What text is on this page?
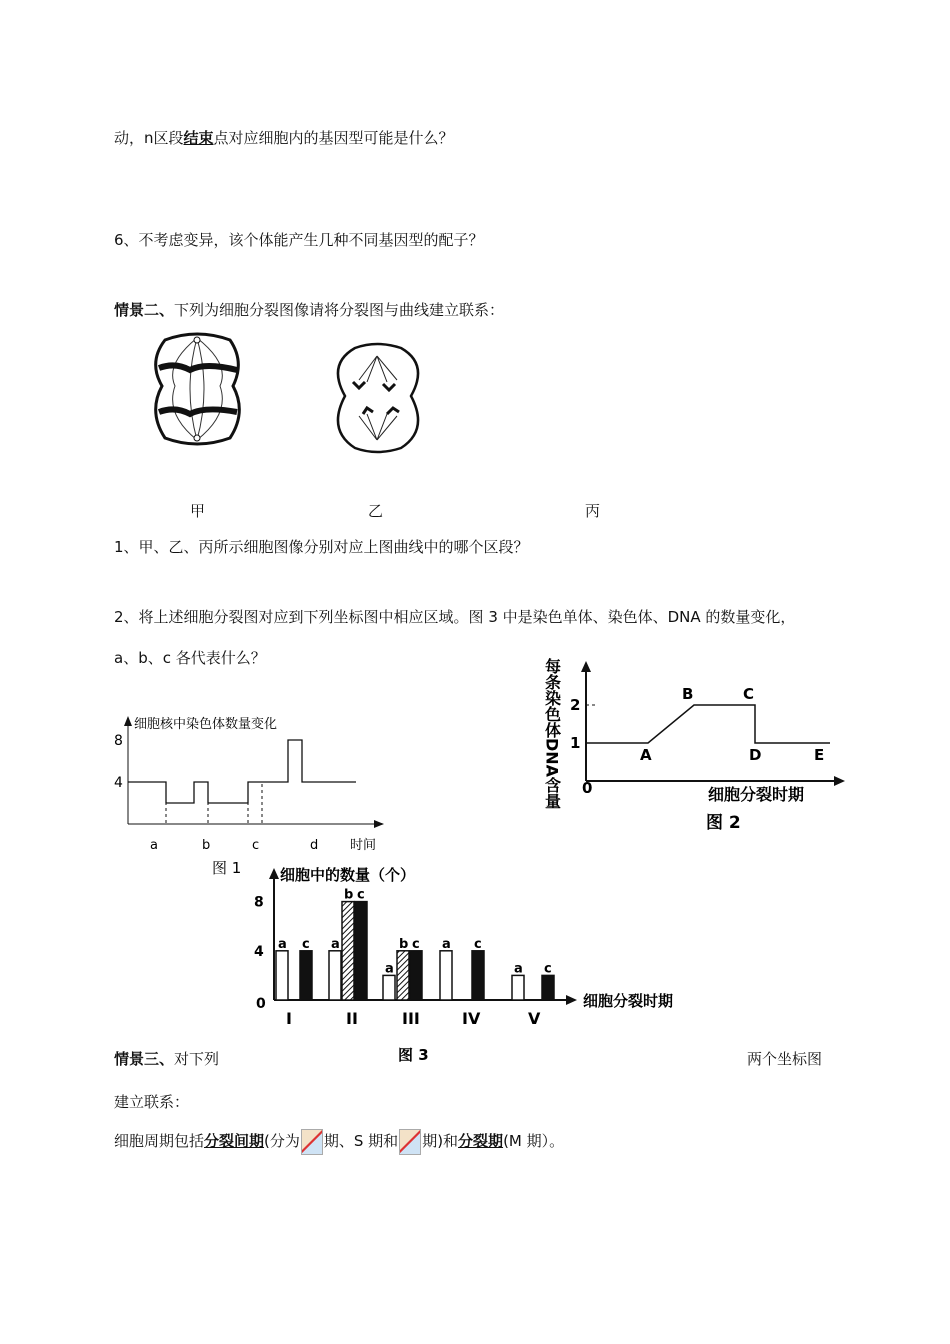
动，n区段结束点对应细胞内的基因型可能是什么？
6、不考虑变异，该个体能产生几种不同基因型的配子？
情景二、下列为细胞分裂图像请将分裂图与曲线建立联系：
甲	乙	丙
1、甲、乙、丙所示细胞图像分别对应上图曲线中的哪个区段？
2、将上述细胞分裂图对应到下列坐标图中相应区域。图 3 中是染色单体、染色体、DNA 的数量变化，
a、b、c 各代表什么？
细胞核中染色体数量变化
4
8
a	b	c	d 时间
图 1
每条染色体DNA含量 0
1
2
A
B	C
D	E
细胞分裂时期
图 2
细胞中的数量（个）
a c a
b c
a
b c a c
a c
0
4
8
I	II	III	IV	V
细胞分裂时期
图 3
情景三、对下列	两个坐标图
建立联系：
细胞周期包括分裂间期(分为 期、S 期和 期)和分裂期(M 期）。
